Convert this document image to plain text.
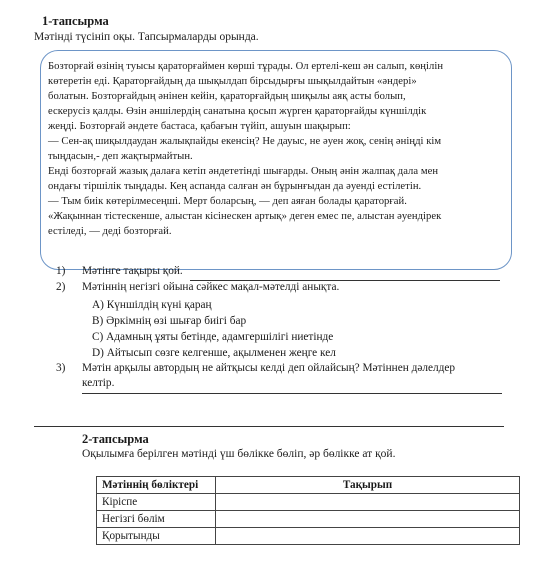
1-тапсырма
Мәтінді түсініп оқы. Тапсырмаларды орында.
Бозторғай өзінің туысы қараторғаймен көрші тұрады. Ол ертелі-кеш ән салып, көңілін
көтеретін еді. Қараторғайдың да шықылдап бірсыдырғы шықылдайтын «әндері»
болатын. Бозторғайдың әнінен кейін, қараторғайдың шиқылы аяқ асты болып,
ескерусіз қалды. Өзін әншілердің санатына қосып жүрген қараторғайды күншілдік
жеңді. Бозторғай әндете бастаса, қабағын түйіп, ашуын шақырып:
— Сен-ақ шиқылдаудан жалықпайды екенсің? Не дауыс, не әуен жоқ, сенің әніңді кім
тыңдасын,- деп жақтырмайтын.
Енді бозторғай жазық далаға кетіп әндететінді шығарды. Оның әнін жалпақ дала мен
ондағы тіршілік тыңдады. Кең аспанда салған ән бұрынғыдан да әуенді естілетін.
— Тым биік көтерілмесеңші. Мерт боларсың, — деп аяған болады қараторғай.
«Жақыннан тістескенше, алыстан кісінескен артық» деген емес пе, алыстан әуендірек
естіледі, — деді бозторғай.
1) Мәтінге тақыры қой.
2) Мәтіннің негізгі ойына сәйкес мақал-мәтелді анықта.
A) Күншілдің күні қараң
B) Әркімнің өзі шығар биігі бар
C) Адамның ұяты бетінде, адамгершілігі ниетінде
D) Айтысып сөзге келгенше, ақылменен жеңге кел
3) Мәтін арқылы автордың не айтқысы келді деп ойлайсың? Мәтіннен дәлелдер
келтір.
2-тапсырма
Оқылымға берілген мәтінді үш бөлікке бөліп, әр бөлікке ат қой.
Мәтіннің бөліктері	Тақырып
Кіріспе	
Негізгі бөлім	
Қорытынды	
